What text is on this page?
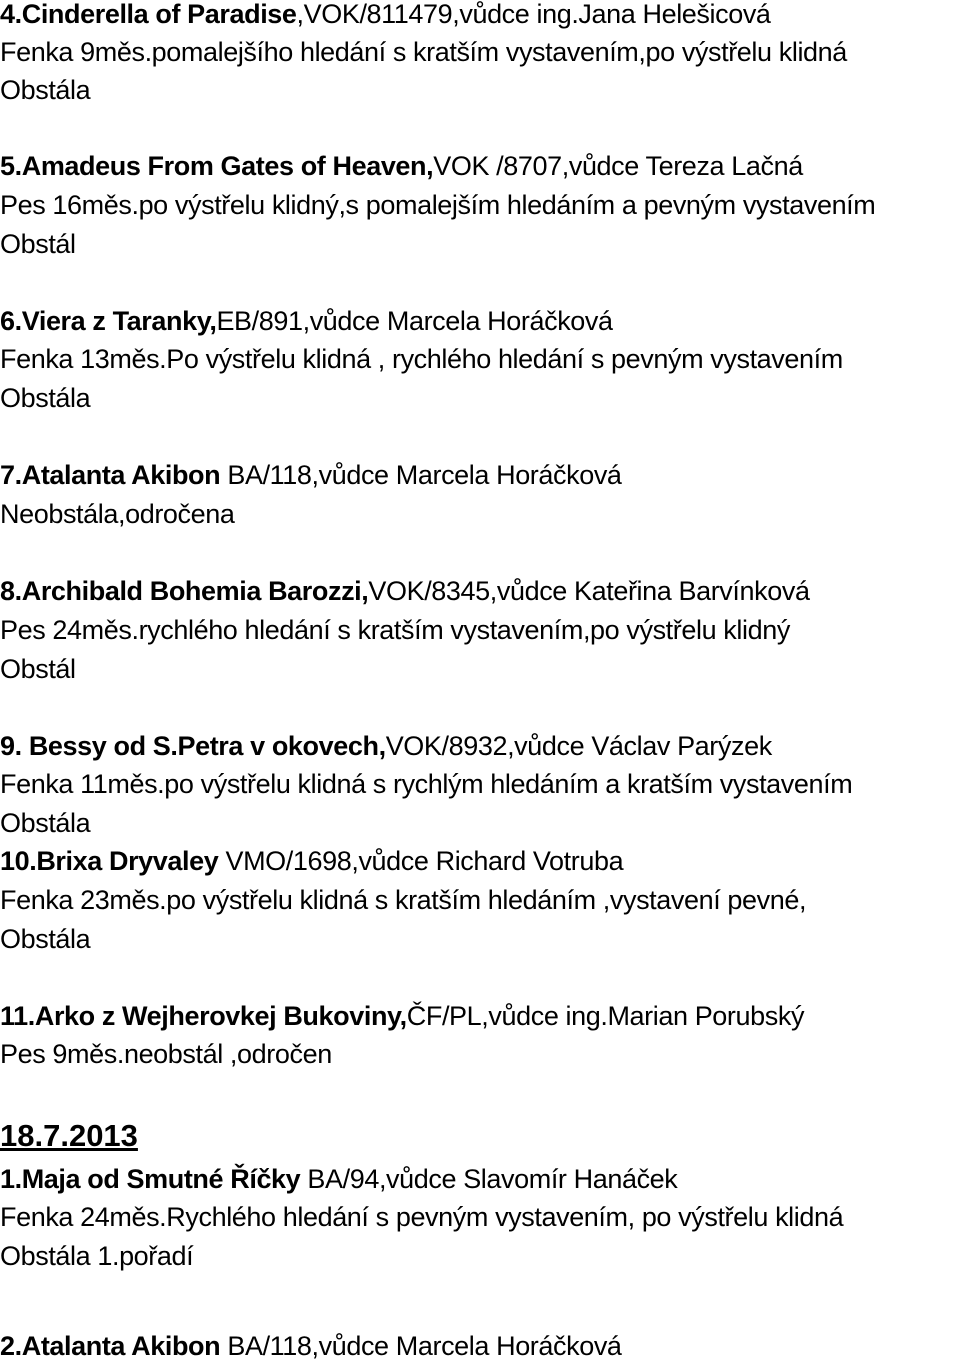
4.Cinderella of Paradise,VOK/811479,vůdce ing.Jana Helešicová
Fenka 9měs.pomalejšího hledání s kratším vystavením,po výstřelu klidná
Obstála
5.Amadeus From Gates of Heaven,VOK /8707,vůdce Tereza Lačná
Pes 16měs.po výstřelu klidný,s pomalejším hledáním a pevným vystavením
Obstál
6.Viera z Taranky,EB/891,vůdce Marcela Horáčková
Fenka 13měs.Po výstřelu klidná , rychlého hledání s pevným vystavením
Obstála
7.Atalanta Akibon BA/118,vůdce Marcela Horáčková
Neobstála,odročena
8.Archibald Bohemia Barozzi,VOK/8345,vůdce Kateřina Barvínková
Pes 24měs.rychlého hledání s kratším vystavením,po výstřelu klidný
Obstál
9. Bessy od S.Petra v okovech,VOK/8932,vůdce Václav Parýzek
Fenka 11měs.po výstřelu klidná s rychlým hledáním a kratším vystavením
Obstála
10.Brixa Dryvaley VMO/1698,vůdce Richard Votruba
Fenka 23měs.po výstřelu klidná s kratším hledáním ,vystavení pevné,
Obstála
11.Arko z Wejherovkej Bukoviny,ČF/PL,vůdce ing.Marian Porubský
Pes 9měs.neobstál ,odročen
18.7.2013
1.Maja od Smutné Říčky BA/94,vůdce Slavomír Hanáček
Fenka 24měs.Rychlého hledání s pevným vystavením, po výstřelu klidná
Obstála 1.pořadí
2.Atalanta Akibon BA/118,vůdce Marcela Horáčková
